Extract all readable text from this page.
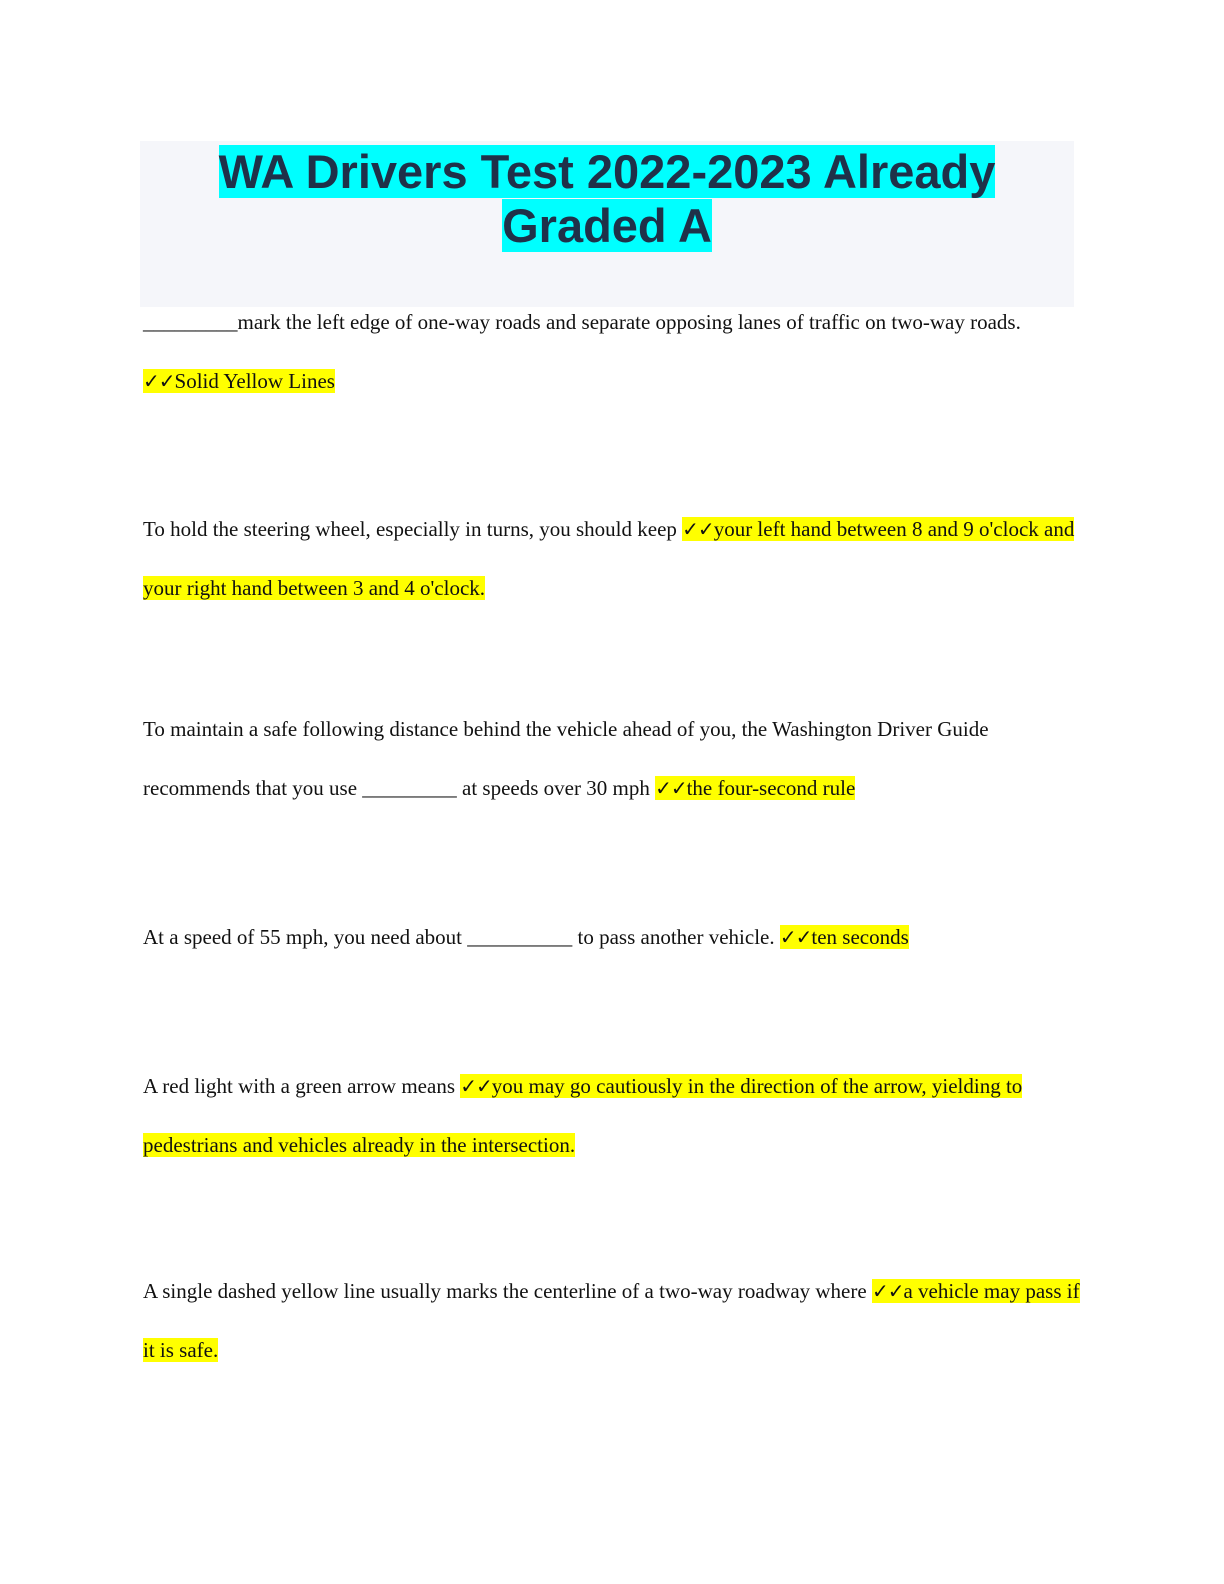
WA Drivers Test 2022-2023 Already
Graded A
_________mark the left edge of one-way roads and separate opposing lanes of traffic on two-way roads. ✓✓Solid Yellow Lines
To hold the steering wheel, especially in turns, you should keep ✓✓your left hand between 8 and 9 o'clock and your right hand between 3 and 4 o'clock.
To maintain a safe following distance behind the vehicle ahead of you, the Washington Driver Guide recommends that you use _________ at speeds over 30 mph ✓✓the four-second rule
At a speed of 55 mph, you need about __________ to pass another vehicle. ✓✓ten seconds
A red light with a green arrow means ✓✓you may go cautiously in the direction of the arrow, yielding to pedestrians and vehicles already in the intersection.
A single dashed yellow line usually marks the centerline of a two-way roadway where ✓✓a vehicle may pass if it is safe.
